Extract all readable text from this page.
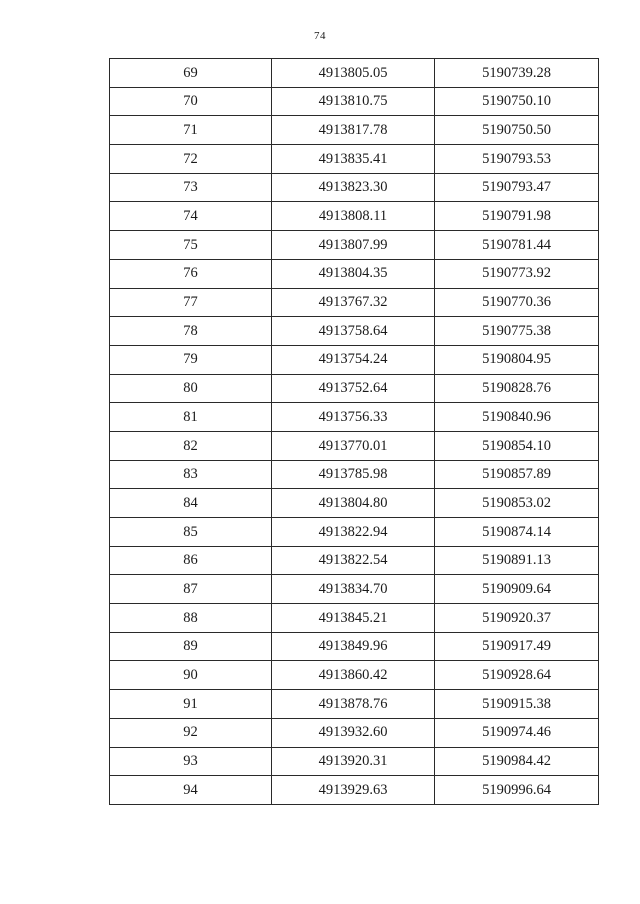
74
69	4913805.05	5190739.28
70	4913810.75	5190750.10
71	4913817.78	5190750.50
72	4913835.41	5190793.53
73	4913823.30	5190793.47
74	4913808.11	5190791.98
75	4913807.99	5190781.44
76	4913804.35	5190773.92
77	4913767.32	5190770.36
78	4913758.64	5190775.38
79	4913754.24	5190804.95
80	4913752.64	5190828.76
81	4913756.33	5190840.96
82	4913770.01	5190854.10
83	4913785.98	5190857.89
84	4913804.80	5190853.02
85	4913822.94	5190874.14
86	4913822.54	5190891.13
87	4913834.70	5190909.64
88	4913845.21	5190920.37
89	4913849.96	5190917.49
90	4913860.42	5190928.64
91	4913878.76	5190915.38
92	4913932.60	5190974.46
93	4913920.31	5190984.42
94	4913929.63	5190996.64
